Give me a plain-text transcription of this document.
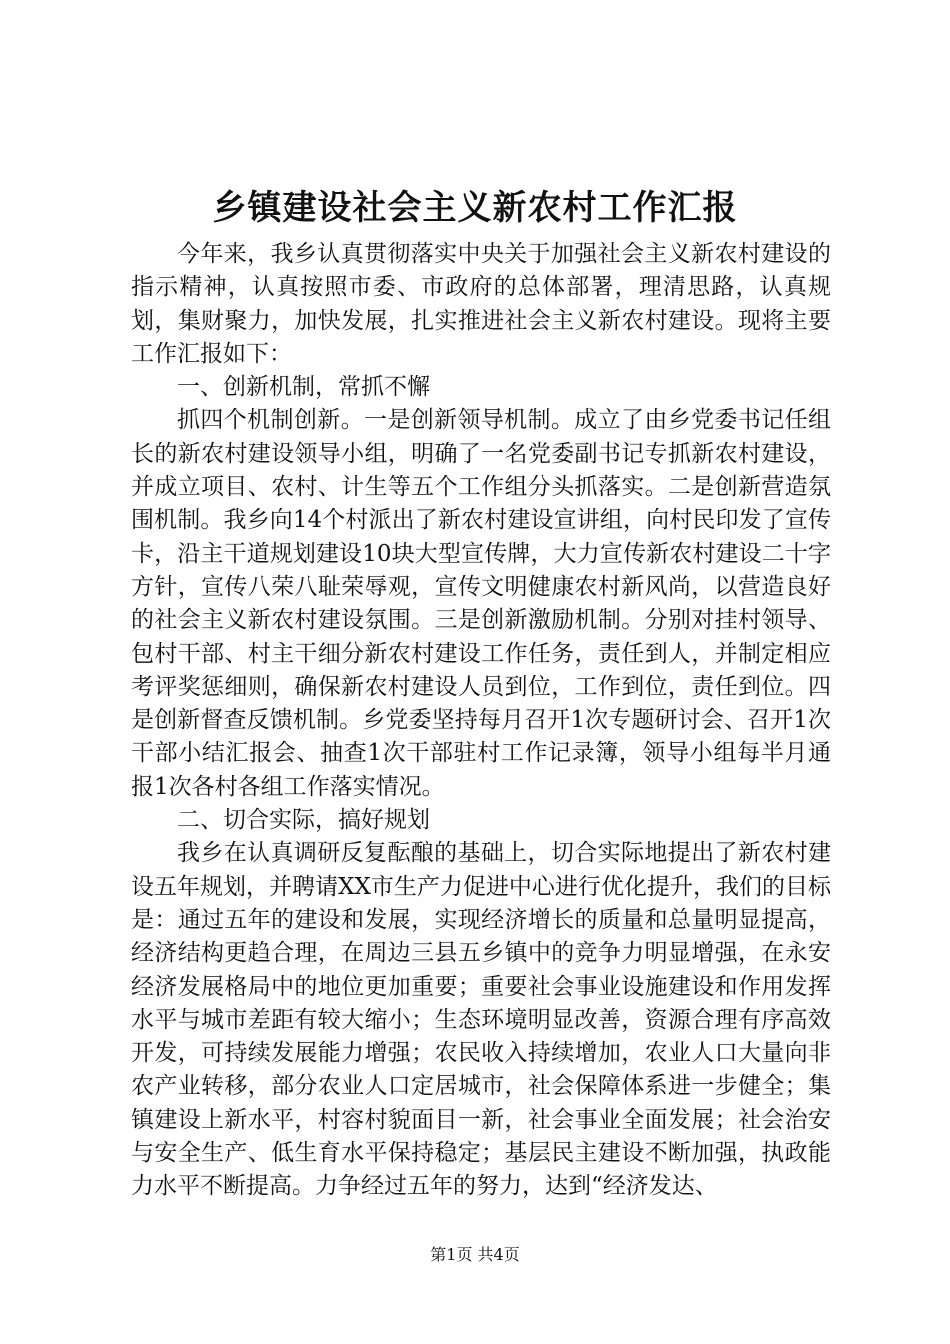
乡镇建设社会主义新农村工作汇报

今年来，我乡认真贯彻落实中央关于加强社会主义新农村建设的指示精神，认真按照市委、市政府的总体部署，理清思路，认真规划，集财聚力，加快发展，扎实推进社会主义新农村建设。现将主要工作汇报如下：

一、创新机制，常抓不懈

抓四个机制创新。一是创新领导机制。成立了由乡党委书记任组长的新农村建设领导小组，明确了一名党委副书记专抓新农村建设，并成立项目、农村、计生等五个工作组分头抓落实。二是创新营造氛围机制。我乡向14个村派出了新农村建设宣讲组，向村民印发了宣传卡，沿主干道规划建设10块大型宣传牌，大力宣传新农村建设二十字方针，宣传八荣八耻荣辱观，宣传文明健康农村新风尚，以营造良好的社会主义新农村建设氛围。三是创新激励机制。分别对挂村领导、包村干部、村主干细分新农村建设工作任务，责任到人，并制定相应考评奖惩细则，确保新农村建设人员到位，工作到位，责任到位。四是创新督查反馈机制。乡党委坚持每月召开1次专题研讨会、召开1次干部小结汇报会、抽查1次干部驻村工作记录簿，领导小组每半月通报1次各村各组工作落实情况。

二、切合实际，搞好规划

我乡在认真调研反复酝酿的基础上，切合实际地提出了新农村建设五年规划，并聘请XX市生产力促进中心进行优化提升，我们的目标是：通过五年的建设和发展，实现经济增长的质量和总量明显提高，经济结构更趋合理，在周边三县五乡镇中的竞争力明显增强，在永安经济发展格局中的地位更加重要；重要社会事业设施建设和作用发挥水平与城市差距有较大缩小；生态环境明显改善，资源合理有序高效开发，可持续发展能力增强；农民收入持续增加，农业人口大量向非农产业转移，部分农业人口定居城市，社会保障体系进一步健全；集镇建设上新水平，村容村貌面目一新，社会事业全面发展；社会治安与安全生产、低生育水平保持稳定；基层民主建设不断加强，执政能力水平不断提高。力争经过五年的努力，达到“经济发达、

第1页 共4页
